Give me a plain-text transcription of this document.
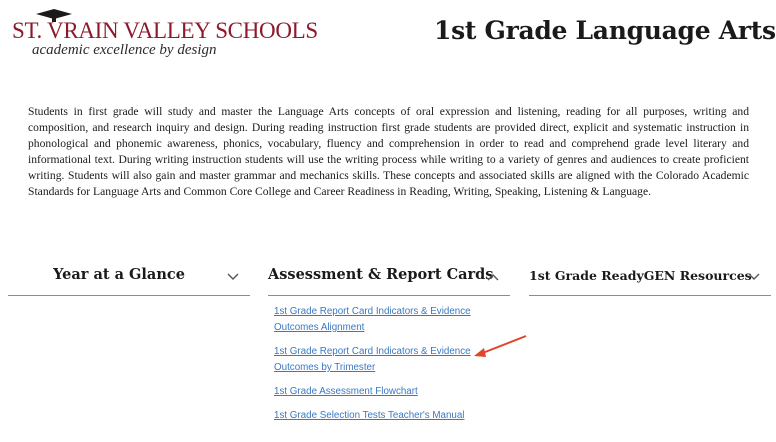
ST. VRAIN VALLEY SCHOOLS
academic excellence by design
1st Grade Language Arts

Students in first grade will study and master the Language Arts concepts of oral expression and listening, reading for all purposes, writing and composition, and research inquiry and design. During reading instruction first grade students are provided direct, explicit and systematic instruction in phonological and phonemic awareness, phonics, vocabulary, fluency and comprehension in order to read and comprehend grade level literary and informational text. During writing instruction students will use the writing process while writing to a variety of genres and audiences to create proficient writing. Students will also gain and master grammar and mechanics skills. These concepts and associated skills are aligned with the Colorado Academic Standards for Language Arts and Common Core College and Career Readiness in Reading, Writing, Speaking, Listening & Language.

Year at a Glance	Assessment & Report Cards	1st Grade ReadyGEN Resources
1st Grade Report Card Indicators & Evidence Outcomes Alignment
1st Grade Report Card Indicators & Evidence Outcomes by Trimester
1st Grade Assessment Flowchart
1st Grade Selection Tests Teacher's Manual
